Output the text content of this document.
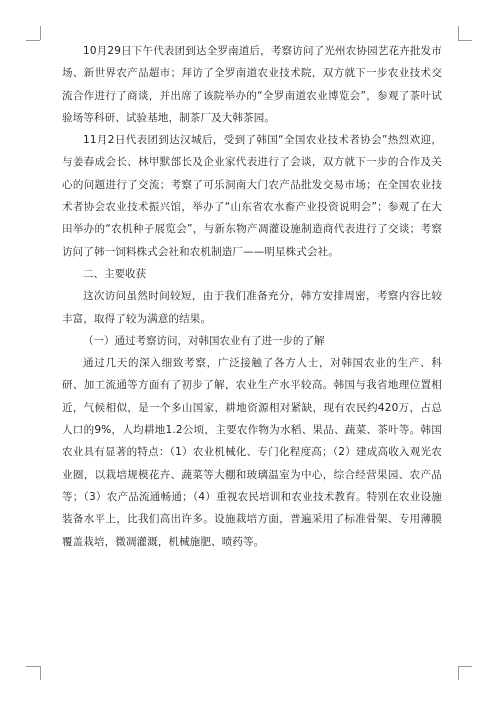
10月29日下午代表团到达全罗南道后，考察访问了光州农协园艺花卉批发市场、新世界农产品超市；拜访了全罗南道农业技术院，双方就下一步农业技术交流合作进行了商谈，并出席了该院举办的“全罗南道农业博览会”，参观了茶叶试验场等科研、试验基地，制茶厂及大韩茶园。

11月2日代表团到达汉城后，受到了韩国“全国农业技术者协会”热烈欢迎，与姜春成会长、林甲默部长及企业家代表进行了会谈，双方就下一步的合作及关心的问题进行了交流；考察了可乐洞南大门农产品批发交易市场；在全国农业技术者协会农业技术振兴馆，举办了“山东省农水畜产业投资说明会”；参观了在大田举办的“农机种子展览会”，与新东物产凋灌设施制造商代表进行了交谈；考察访问了韩一饲料株式会社和农机制造厂——明星株式会社。

二、主要收获

这次访问虽然时间较短，由于我们准备充分，韩方安排周密，考察内容比较丰富，取得了较为满意的结果。

（一）通过考察访问，对韩国农业有了进一步的了解

通过几天的深入细致考察，广泛接触了各方人士，对韩国农业的生产、科研、加工流通等方面有了初步了解，农业生产水平较高。韩国与我省地理位置相近，气候相似，是一个多山国家，耕地资源相对紧缺，现有农民约420万，占总人口的9%，人均耕地1.2公顷，主要农作物为水稻、果品、蔬菜、茶叶等。韩国农业具有显著的特点：（1）农业机械化、专门化程度高；（2）建成高收入观光农业圈，以栽培规模花卉、蔬菜等大棚和玻璃温室为中心，综合经营果园、农产品等；（3）农产品流通畅通；（4）重视农民培训和农业技术教育。特别在农业设施装备水平上，比我们高出许多。设施栽培方面，普遍采用了标准骨架、专用薄膜覆盖栽培，微凋灌溉，机械施肥、喷药等。
